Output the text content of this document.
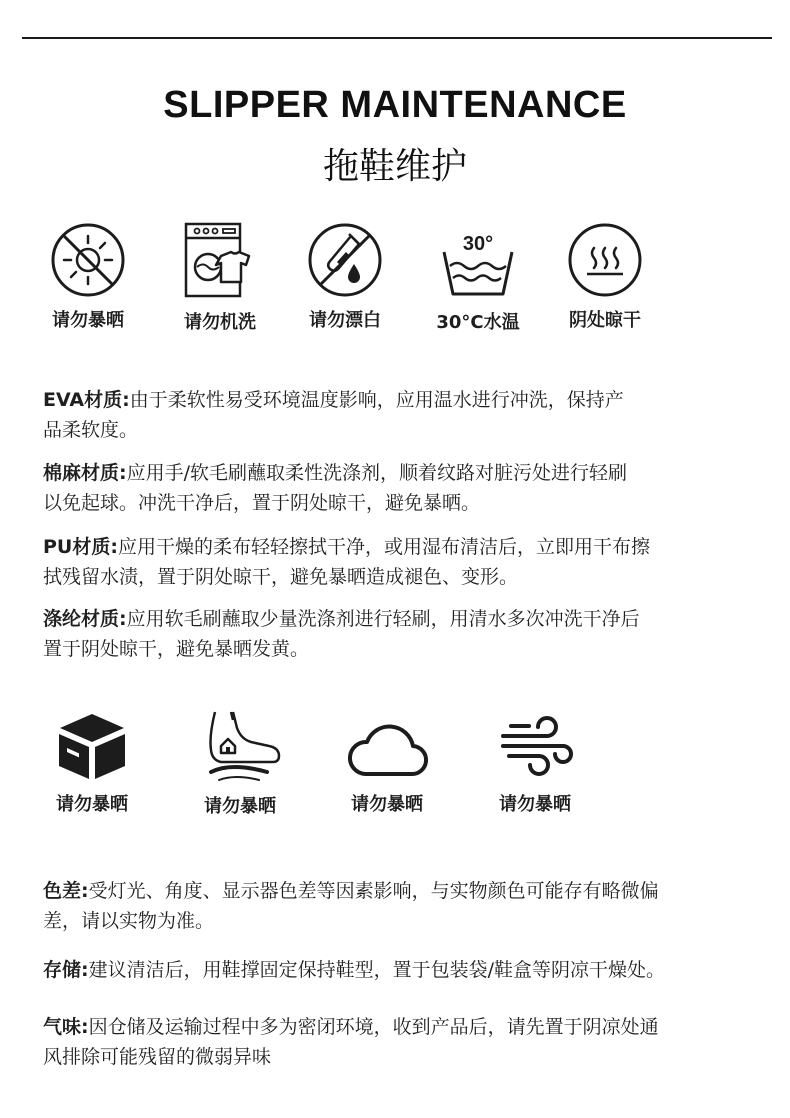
SLIPPER MAINTENANCE
拖鞋维护
请勿暴晒	请勿机洗	请勿漂白
30°
30°C水温	阴处晾干

EVA材质:由于柔软性易受环境温度影响，应用温水进行冲洗，保持产
品柔软度。

棉麻材质:应用手/软毛刷蘸取柔性洗涤剂，顺着纹路对脏污处进行轻刷
以免起球。冲洗干净后，置于阴处晾干，避免暴晒。

PU材质:应用干燥的柔布轻轻擦拭干净，或用湿布清洁后，立即用干布擦
拭残留水渍，置于阴处晾干，避免暴晒造成褪色、变形。

涤纶材质:应用软毛刷蘸取少量洗涤剂进行轻刷，用清水多次冲洗干净后
置于阴处晾干，避免暴晒发黄。

请勿暴晒	请勿暴晒	请勿暴晒	请勿暴晒

色差:受灯光、角度、显示器色差等因素影响，与实物颜色可能存有略微偏
差，请以实物为准。

存储:建议清洁后，用鞋撑固定保持鞋型，置于包装袋/鞋盒等阴凉干燥处。

气味:因仓储及运输过程中多为密闭环境，收到产品后，请先置于阴凉处通
风排除可能残留的微弱异味
